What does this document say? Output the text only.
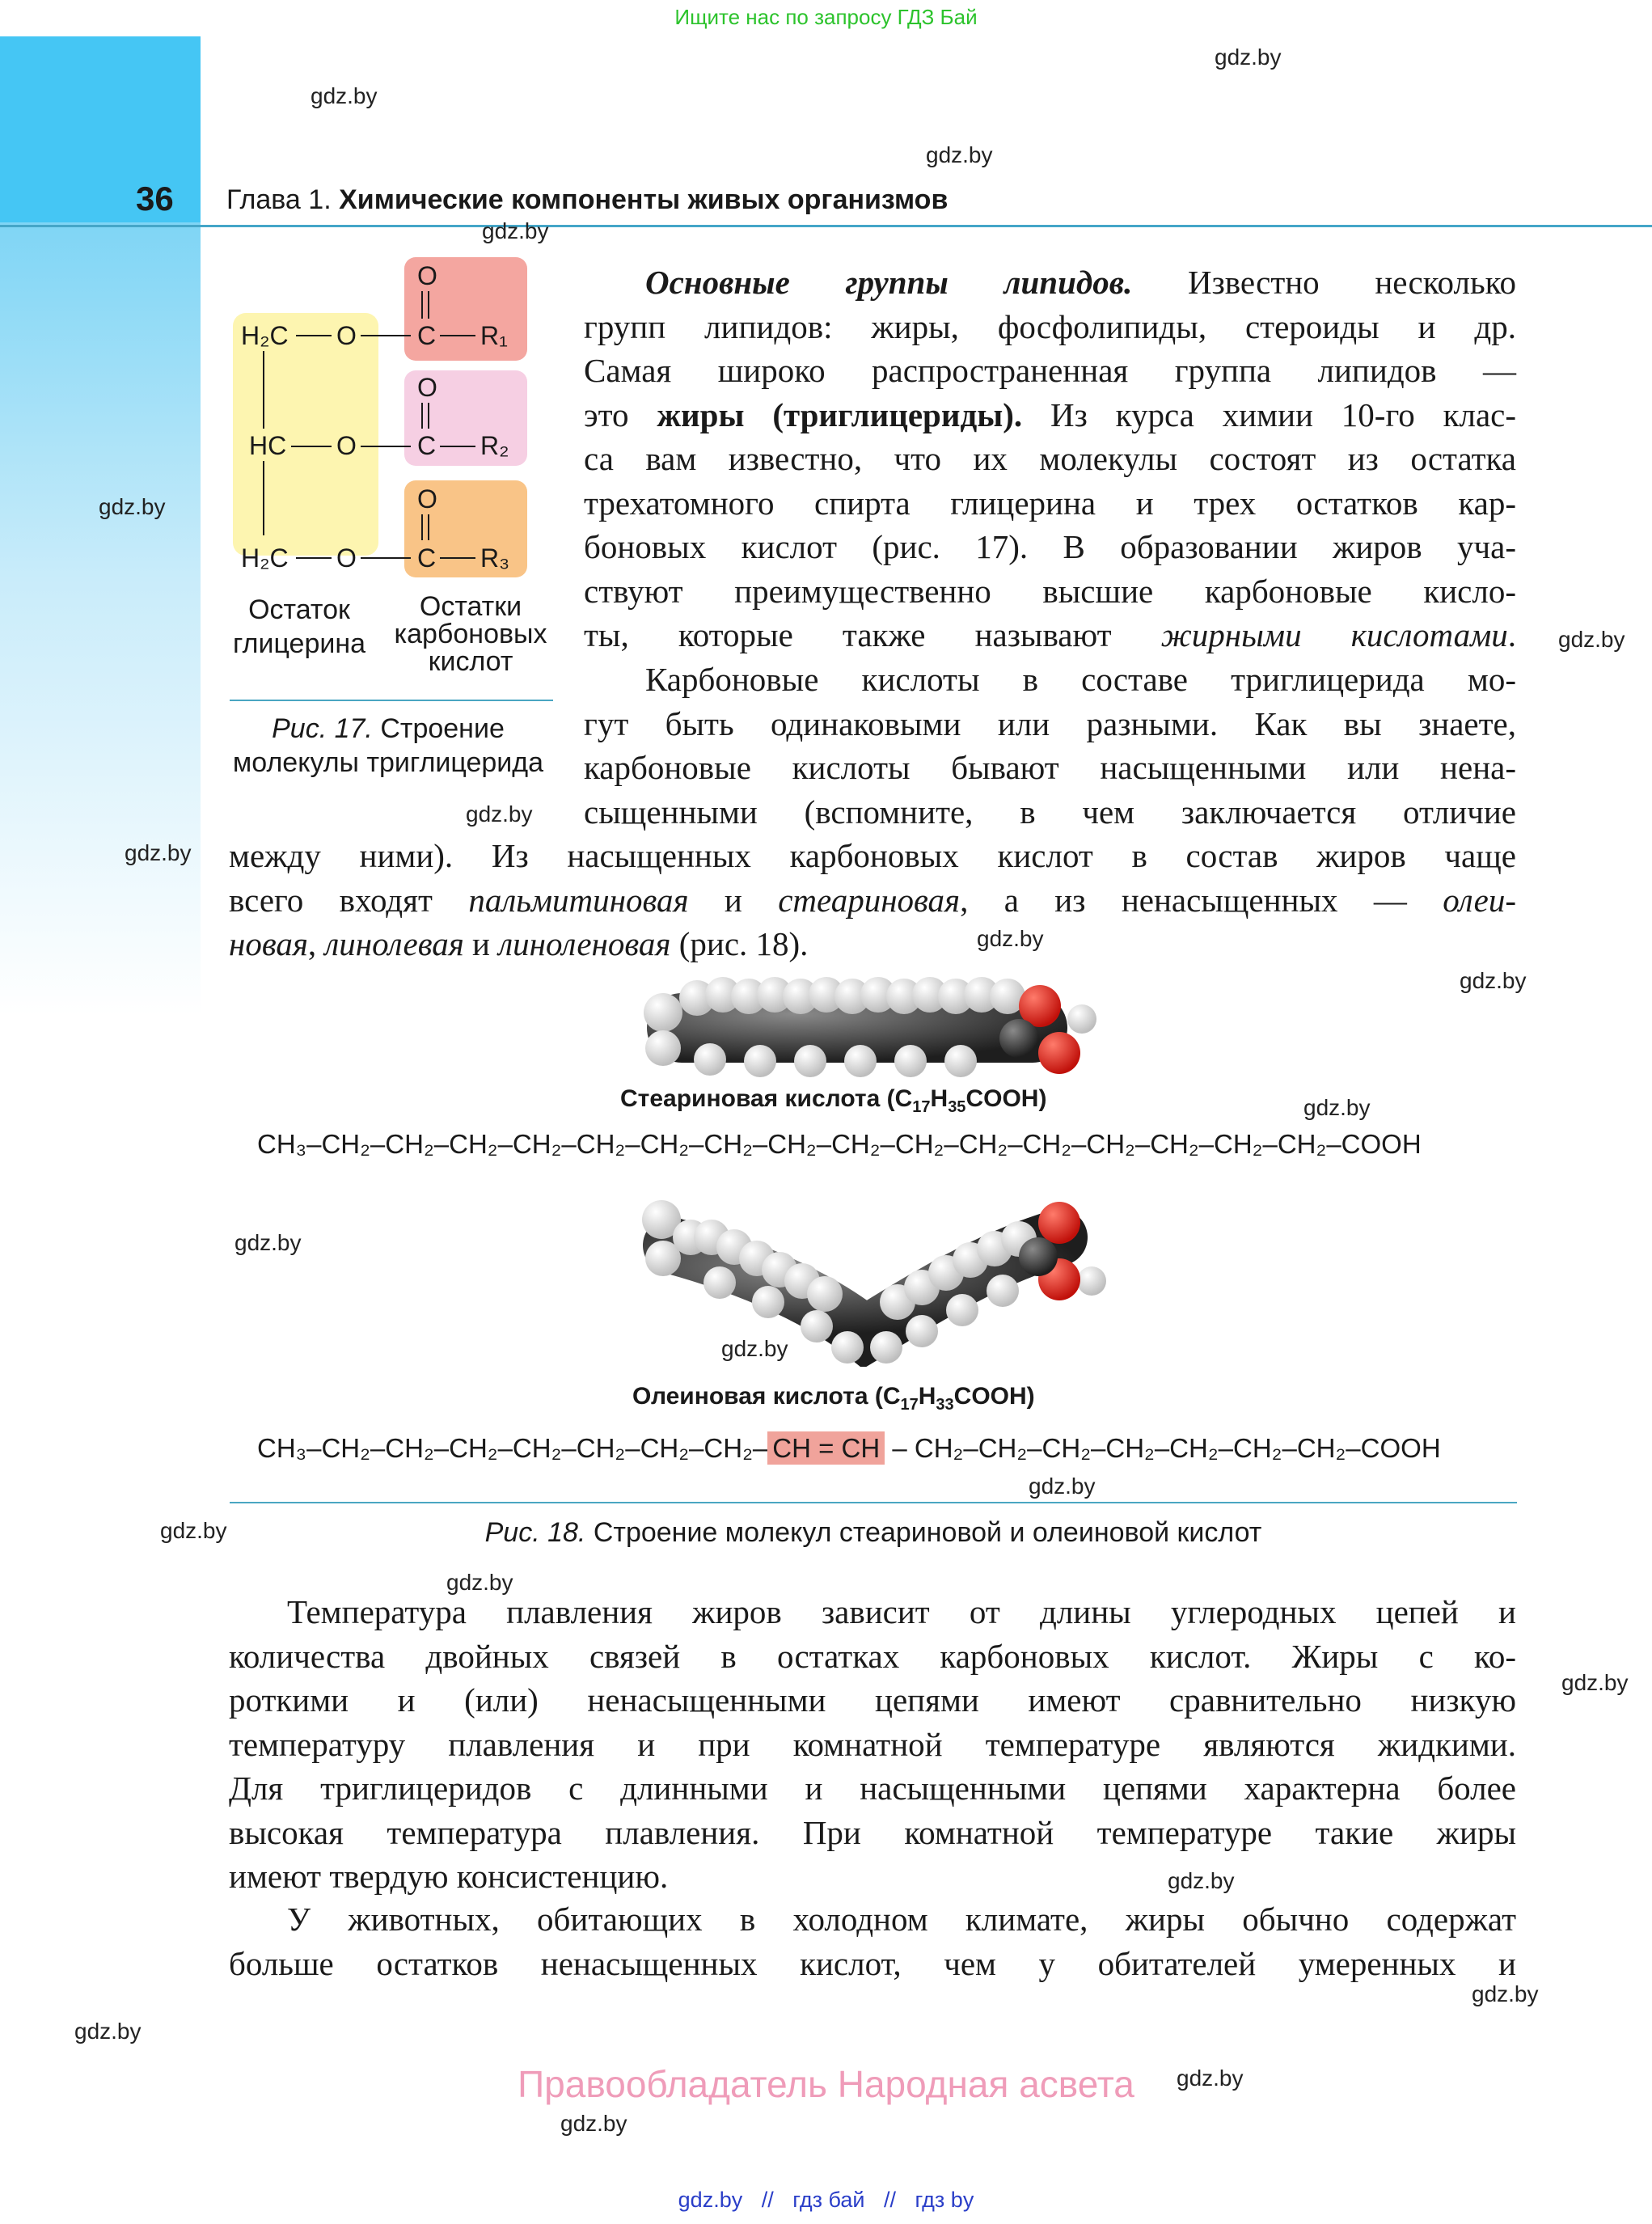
Ищите нас по запросу ГДЗ Бай
36 Глава 1. Химические компоненты живых организмов
gdz.by
gdz.by
gdz.by
gdz.by
gdz.by
gdz.by
gdz.by
gdz.by
gdz.by
gdz.by
gdz.by
gdz.by
gdz.by
gdz.by
gdz.by
gdz.by
gdz.by
gdz.by
gdz.by
gdz.by
gdz.by
gdz.by
H₂C O C R₁
O
HC O C R₂
O
H₂C O C R₃
O
Остаток
глицерина
Остатки
карбоновых
кислот
Рис. 17. Строение
молекулы триглицерида
Основные группы липидов. Известно несколько
групп липидов: жиры, фосфолипиды, стероиды и др.
Самая широко распространенная группа липидов —
это жиры (триглицериды). Из курса химии 10-го клас-
са вам известно, что их молекулы состоят из остатка
трехатомного спирта глицерина и трех остатков кар-
боновых кислот (рис. 17). В образовании жиров уча-
ствуют преимущественно высшие карбоновые кисло-
ты, которые также называют жирными кислотами.
Карбоновые кислоты в составе триглицерида мо-
гут быть одинаковыми или разными. Как вы знаете,
карбоновые кислоты бывают насыщенными или нена-
сыщенными (вспомните, в чем заключается отличие
между ними). Из насыщенных карбоновых кислот в состав жиров чаще
всего входят пальмитиновая и стеариновая, а из ненасыщенных — олеи-
новая, линолевая и линоленовая (рис. 18).
Стеариновая кислота $(C_{17}H_{35}COOH)$
CH₃–CH₂–CH₂–CH₂–CH₂–CH₂–CH₂–CH₂–CH₂–CH₂–CH₂–CH₂–CH₂–CH₂–CH₂–CH₂–CH₂–COOH
Олеиновая кислота $(C_{17}H_{33}COOH)$
CH₃–CH₂–CH₂–CH₂–CH₂–CH₂–CH₂–CH₂– CH = CH – CH₂–CH₂–CH₂–CH₂–CH₂–CH₂–CH₂–COOH
Рис. 18. Строение молекул стеариновой и олеиновой кислот
Температура плавления жиров зависит от длины углеродных цепей и
количества двойных связей в остатках карбоновых кислот. Жиры с ко-
роткими и (или) ненасыщенными цепями имеют сравнительно низкую
температуру плавления и при комнатной температуре являются жидкими.
Для триглицеридов с длинными и насыщенными цепями характерна более
высокая температура плавления. При комнатной температуре такие жиры
имеют твердую консистенцию.
У животных, обитающих в холодном климате, жиры обычно содержат
больше остатков ненасыщенных кислот, чем у обитателей умеренных и
Правообладатель Народная асвета
gdz.by // гдз бай // гдз by
